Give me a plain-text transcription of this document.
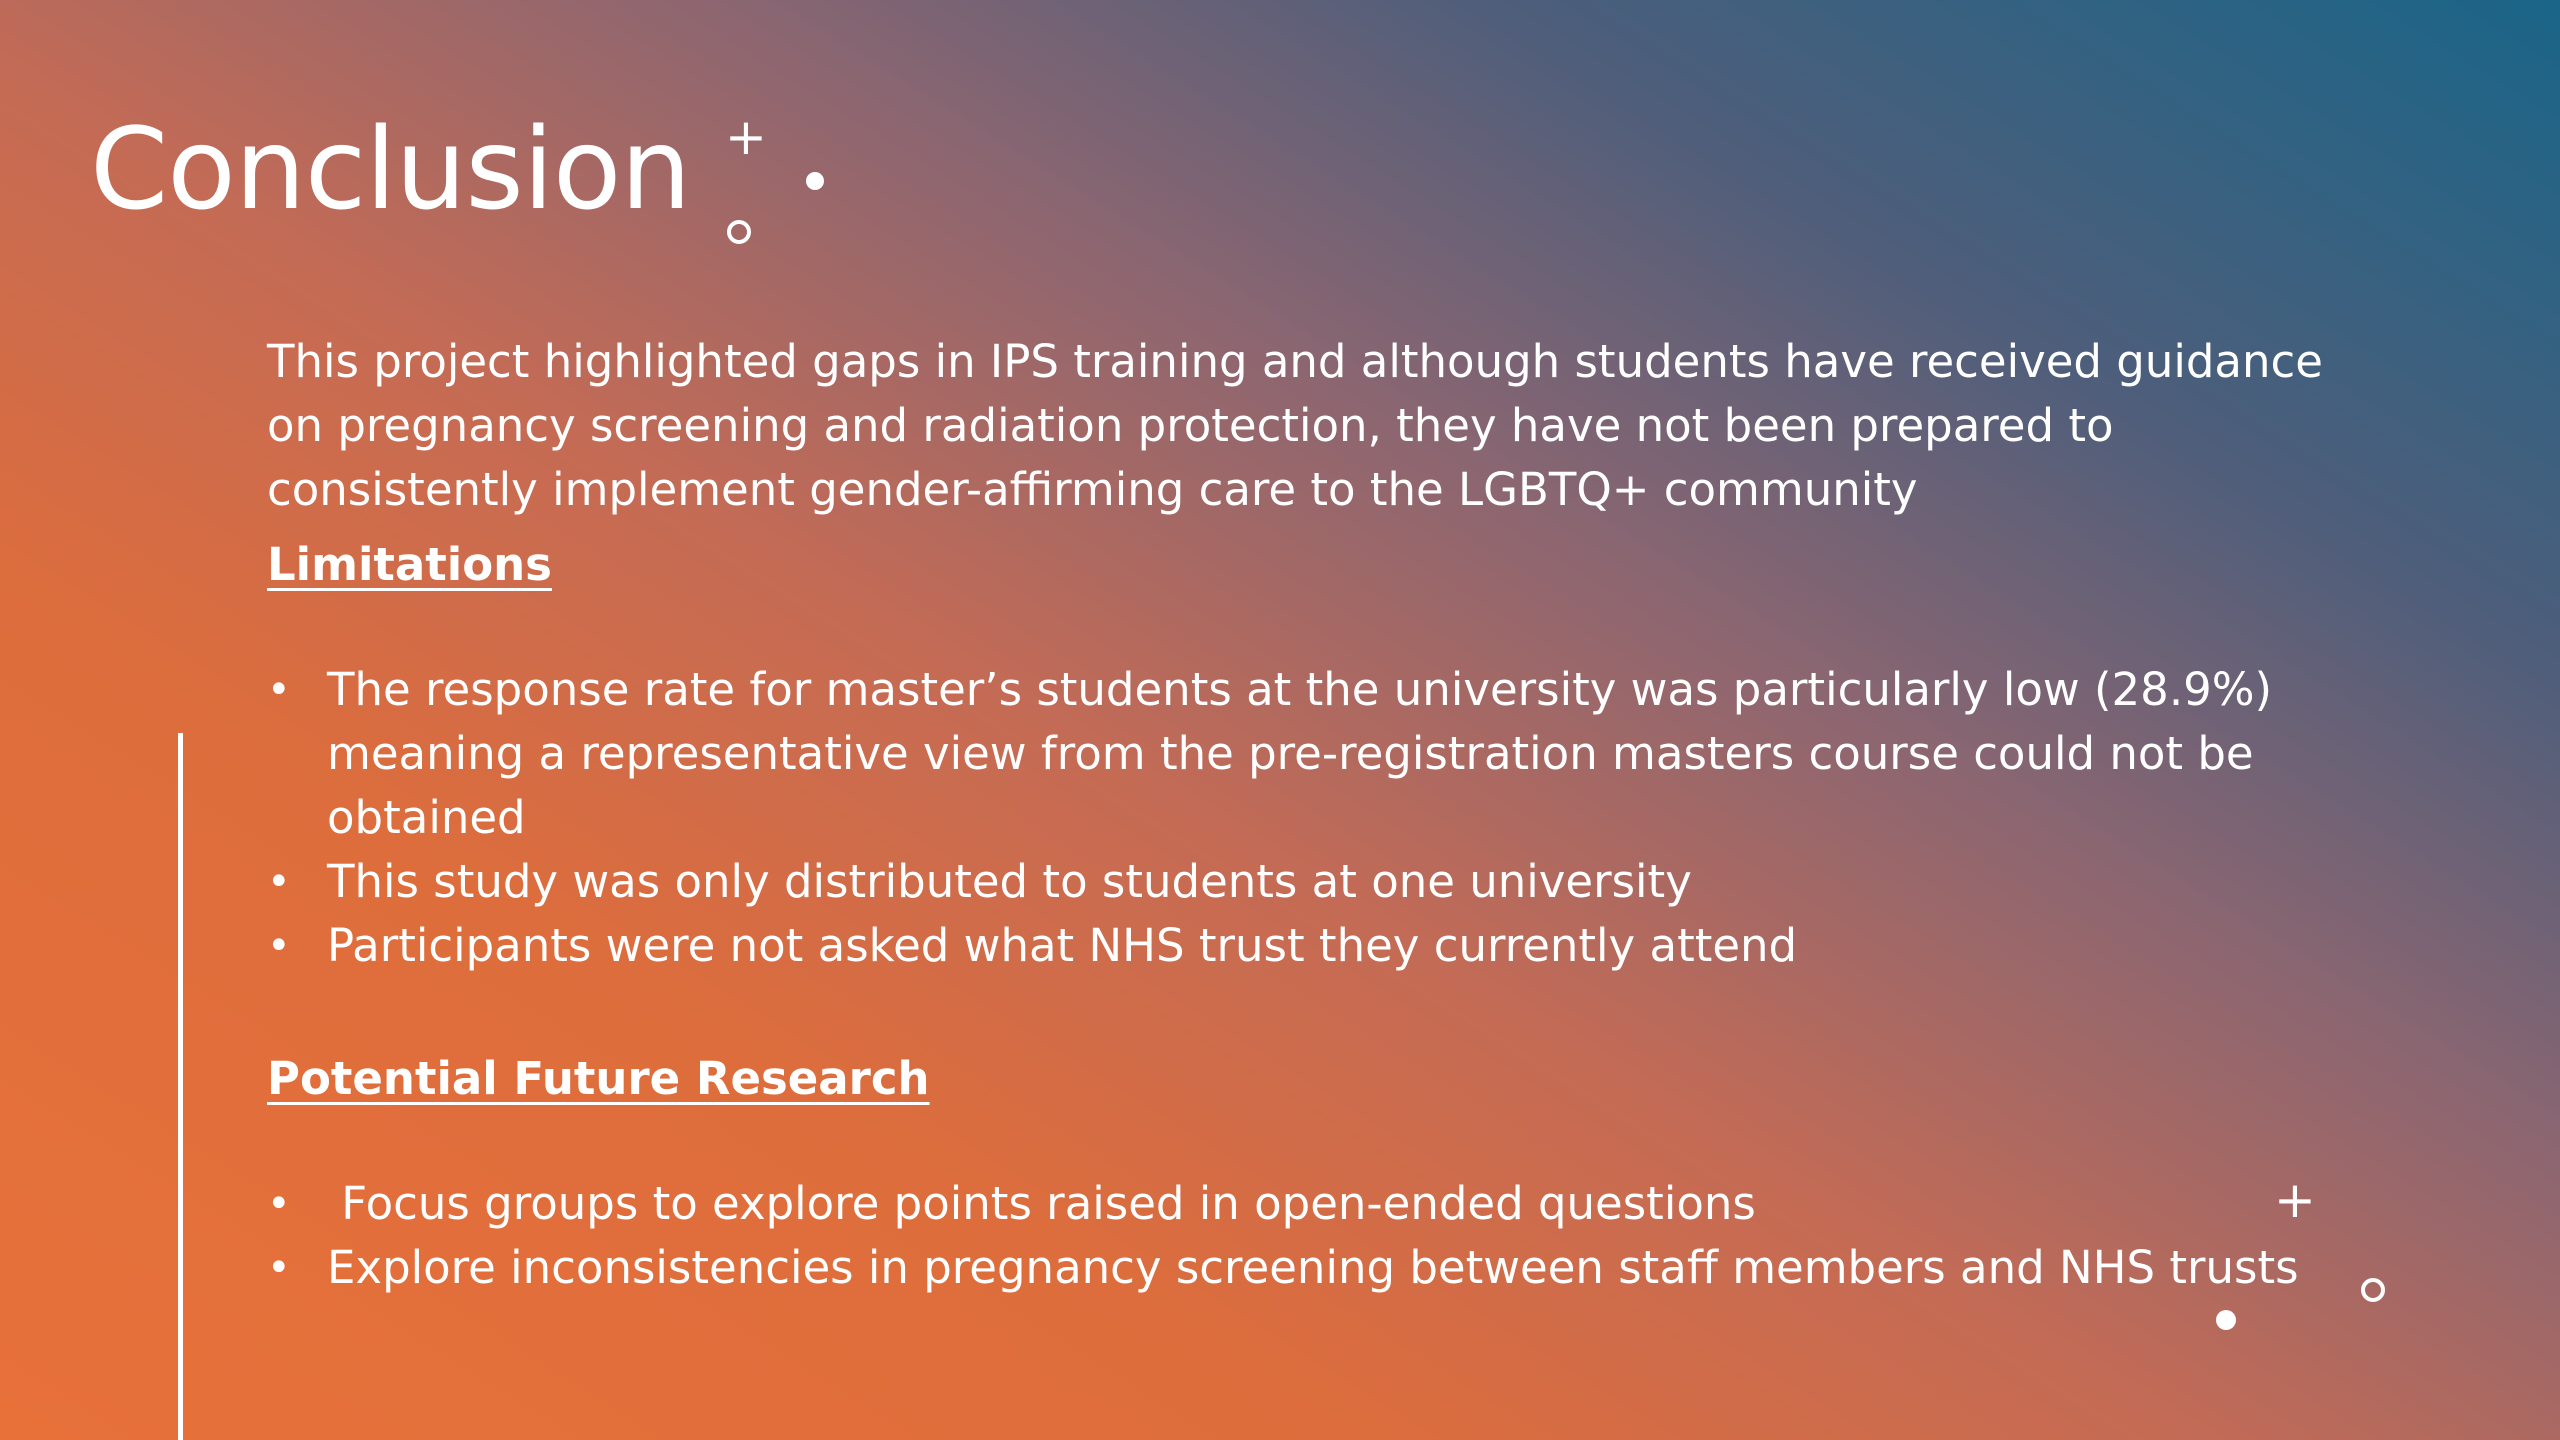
Conclusion +

This project highlighted gaps in IPS training and although students have received guidance on pregnancy screening and radiation protection, they have not been prepared to consistently implement gender-affirming care to the LGBTQ+ community

Limitations
• The response rate for master’s students at the university was particularly low (28.9%) meaning a representative view from the pre-registration masters course could not be obtained
• This study was only distributed to students at one university
• Participants were not asked what NHS trust they currently attend
Potential Future Research
• Focus groups to explore points raised in open-ended questions
• Explore inconsistencies in pregnancy screening between staff members and NHS trusts
+
